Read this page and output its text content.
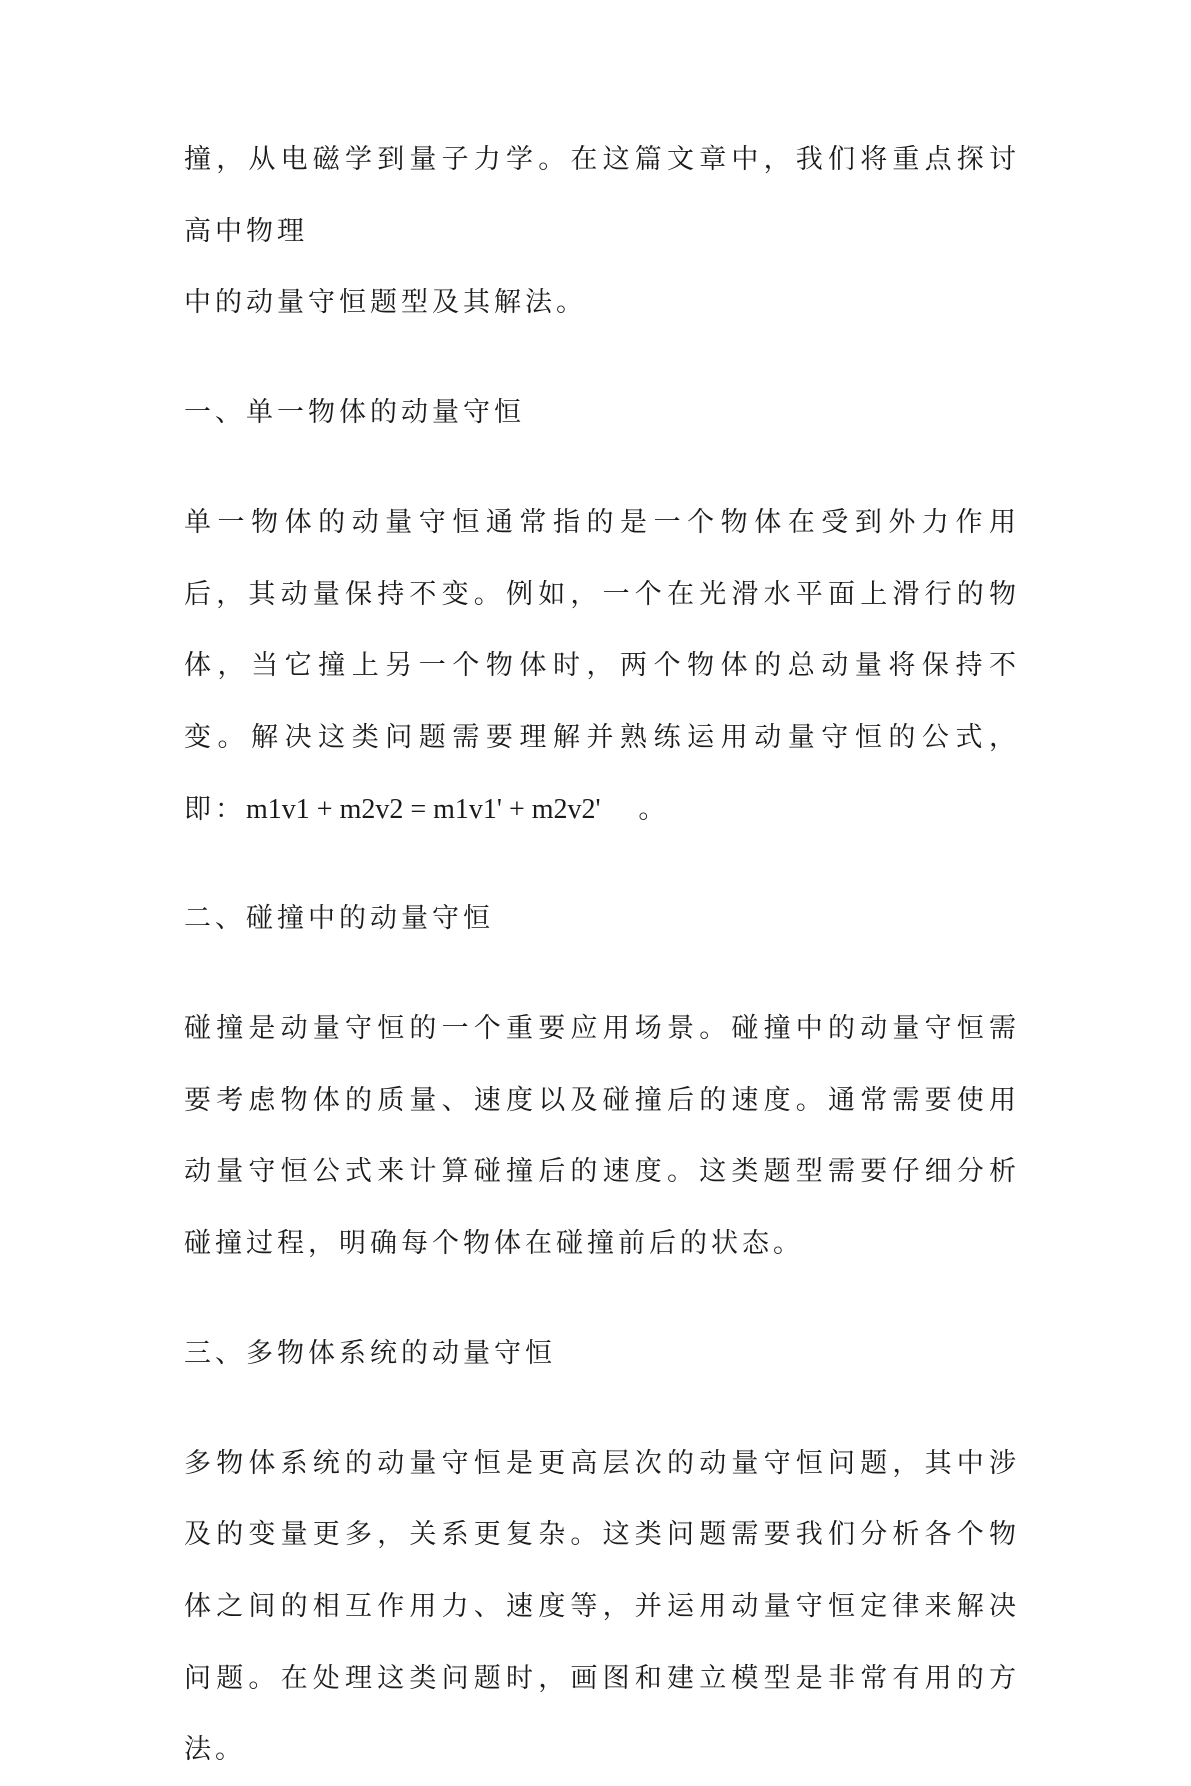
撞，从电磁学到量子力学。在这篇文章中，我们将重点探讨高中物理
中的动量守恒题型及其解法。

一、单一物体的动量守恒

单一物体的动量守恒通常指的是一个物体在受到外力作用后，其动量保持不变。例如，一个在光滑水平面上滑行的物体，当它撞上另一个物体时，两个物体的总动量将保持不变。解决这类问题需要理解并熟练运用动量守恒的公式，即：m1v1 + m2v2 = m1v1' + m2v2' 。

二、碰撞中的动量守恒

碰撞是动量守恒的一个重要应用场景。碰撞中的动量守恒需要考虑物体的质量、速度以及碰撞后的速度。通常需要使用动量守恒公式来计算碰撞后的速度。这类题型需要仔细分析碰撞过程，明确每个物体在碰撞前后的状态。

三、多物体系统的动量守恒

多物体系统的动量守恒是更高层次的动量守恒问题，其中涉及的变量更多，关系更复杂。这类问题需要我们分析各个物体之间的相互作用力、速度等，并运用动量守恒定律来解决问题。在处理这类问题时，画图和建立模型是非常有用的方法。
